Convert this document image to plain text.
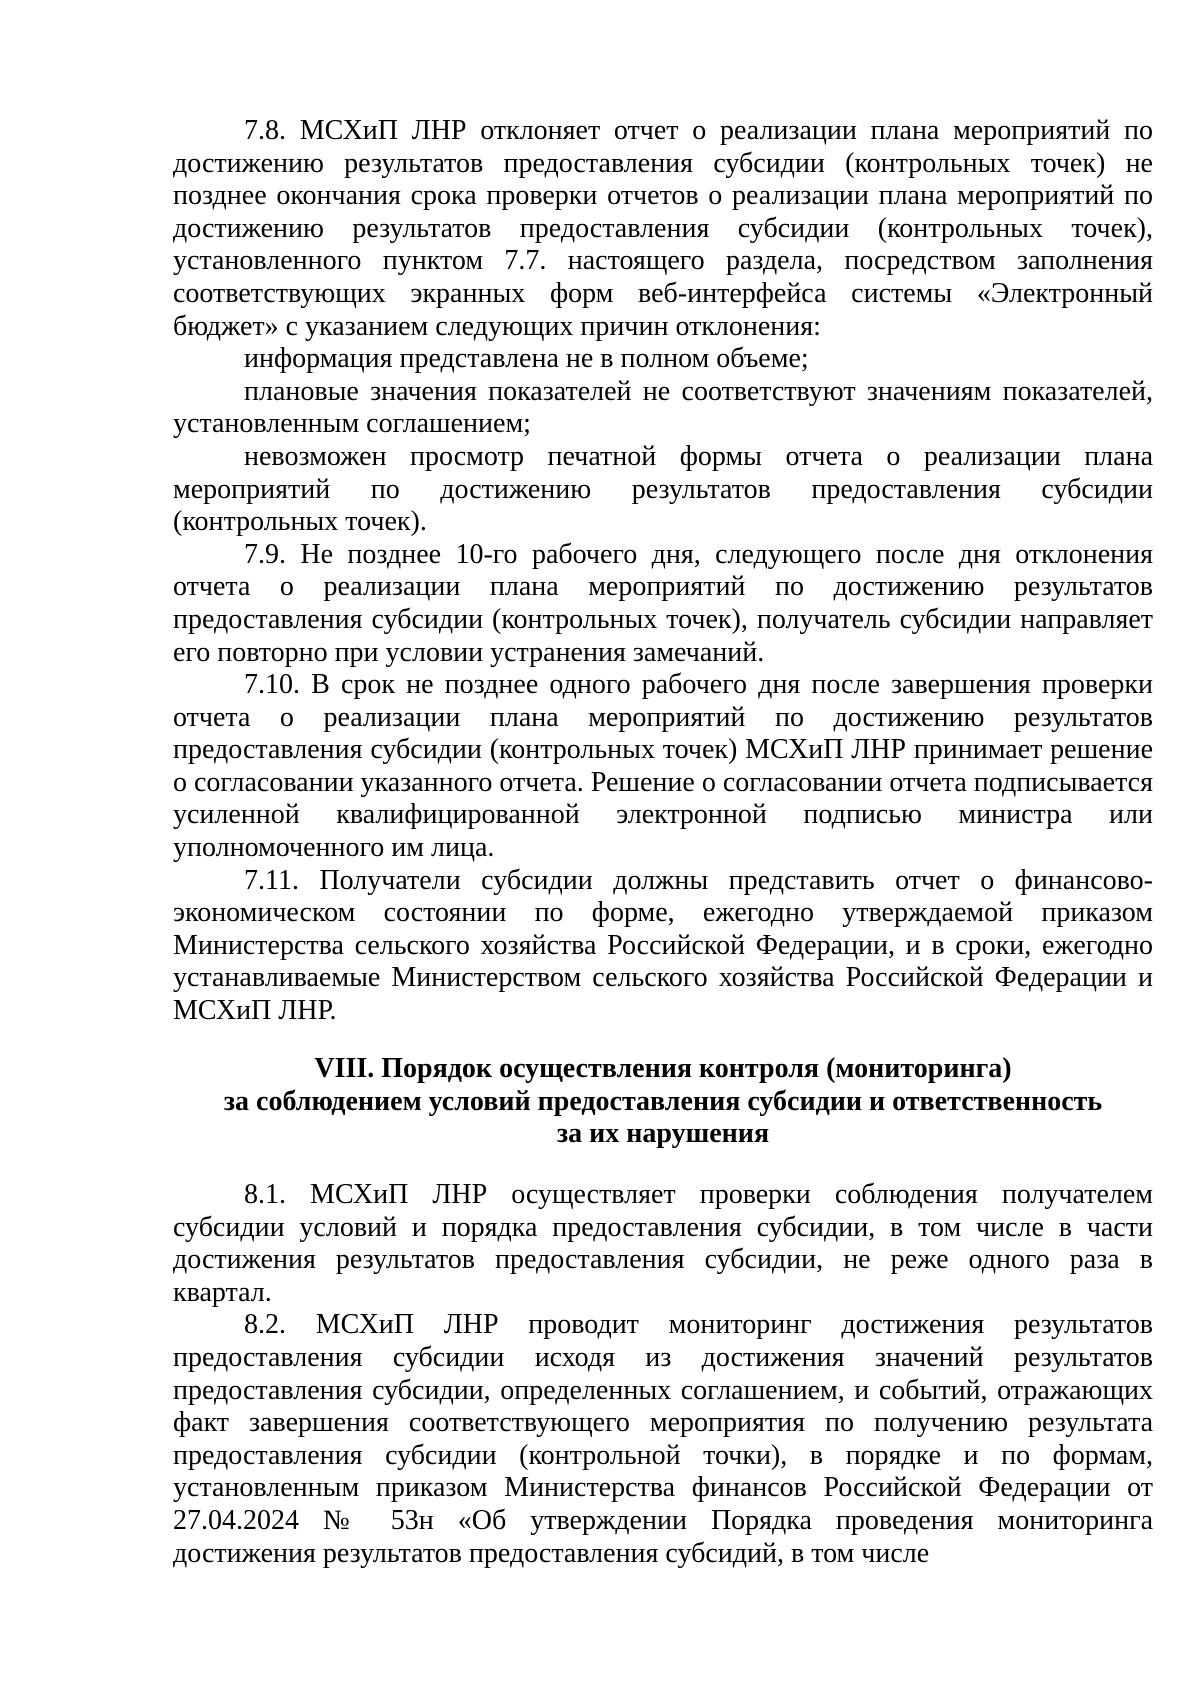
7.8. МСХиП ЛНР отклоняет отчет о реализации плана мероприятий по достижению результатов предоставления субсидии (контрольных точек) не позднее окончания срока проверки отчетов о реализации плана мероприятий по достижению результатов предоставления субсидии (контрольных точек), установленного пунктом 7.7. настоящего раздела, посредством заполнения соответствующих экранных форм веб-интерфейса системы «Электронный бюджет» с указанием следующих причин отклонения:

информация представлена не в полном объеме;

плановые значения показателей не соответствуют значениям показателей, установленным соглашением;

невозможен просмотр печатной формы отчета о реализации плана мероприятий по достижению результатов предоставления субсидии (контрольных точек).

7.9. Не позднее 10-го рабочего дня, следующего после дня отклонения отчета о реализации плана мероприятий по достижению результатов предоставления субсидии (контрольных точек), получатель субсидии направляет его повторно при условии устранения замечаний.

7.10. В срок не позднее одного рабочего дня после завершения проверки отчета о реализации плана мероприятий по достижению результатов предоставления субсидии (контрольных точек) МСХиП ЛНР принимает решение о согласовании указанного отчета. Решение о согласовании отчета подписывается усиленной квалифицированной электронной подписью министра или уполномоченного им лица.

7.11. Получатели субсидии должны представить отчет о финансово-экономическом состоянии по форме, ежегодно утверждаемой приказом Министерства сельского хозяйства Российской Федерации, и в сроки, ежегодно устанавливаемые Министерством сельского хозяйства Российской Федерации и МСХиП ЛНР.

VIII. Порядок осуществления контроля (мониторинга)
за соблюдением условий предоставления субсидии и ответственность
за их нарушения

8.1. МСХиП ЛНР осуществляет проверки соблюдения получателем субсидии условий и порядка предоставления субсидии, в том числе в части достижения результатов предоставления субсидии, не реже одного раза в квартал.

8.2. МСХиП ЛНР проводит мониторинг достижения результатов предоставления субсидии исходя из достижения значений результатов предоставления субсидии, определенных соглашением, и событий, отражающих факт завершения соответствующего мероприятия по получению результата предоставления субсидии (контрольной точки), в порядке и по формам, установленным приказом Министерства финансов Российской Федерации от 27.04.2024 № 53н «Об утверждении Порядка проведения мониторинга достижения результатов предоставления субсидий, в том числе
